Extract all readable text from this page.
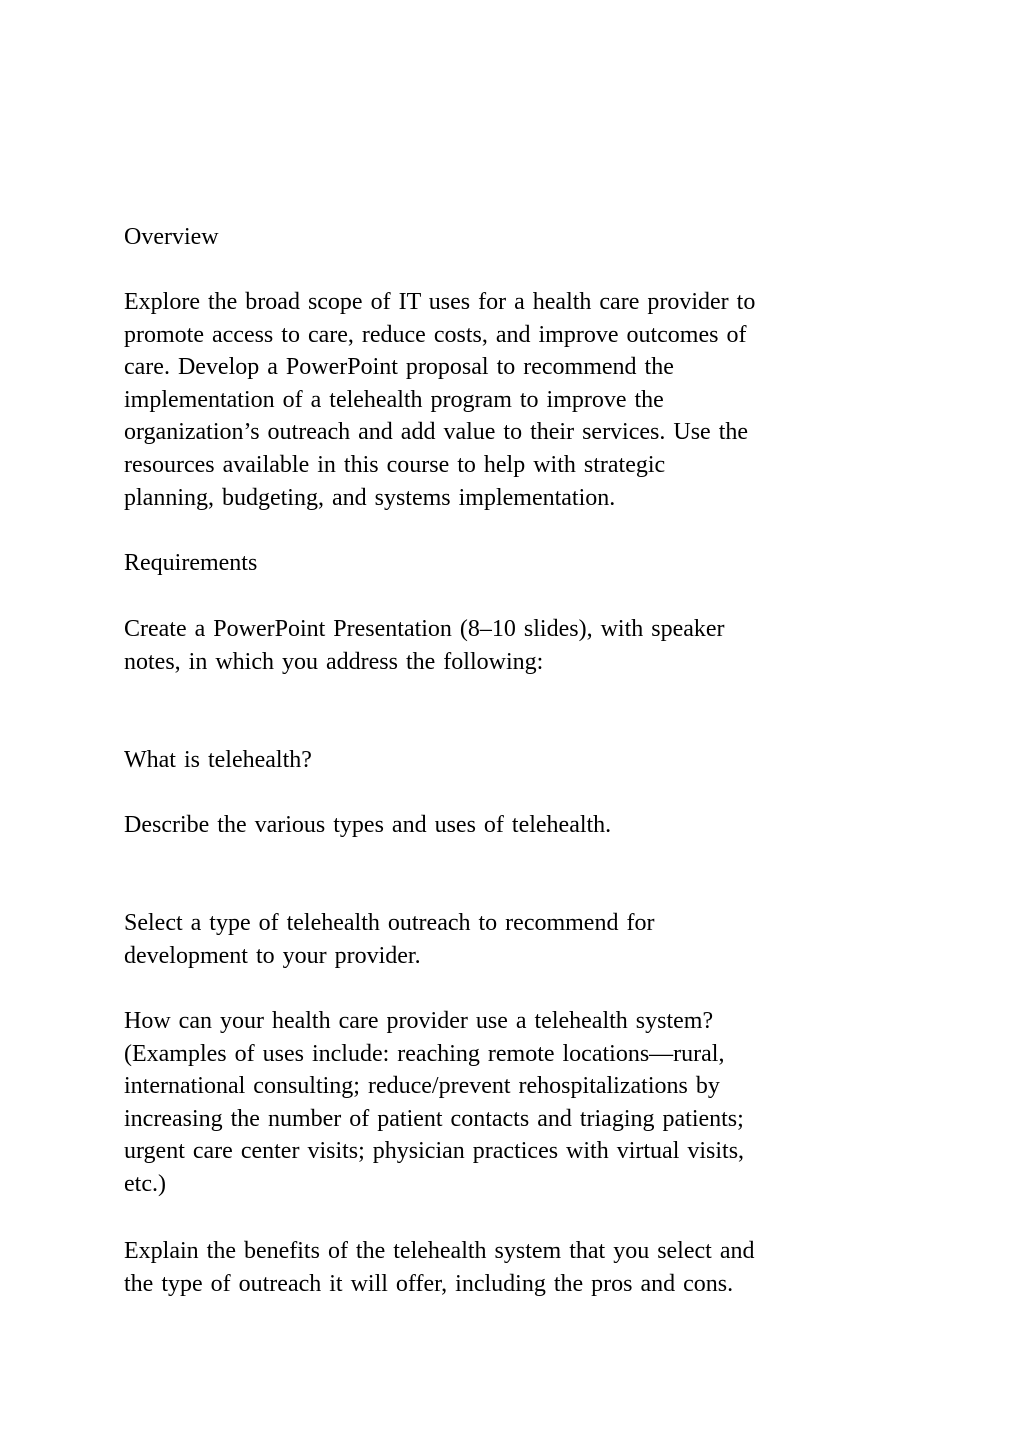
Overview

Explore the broad scope of IT uses for a health care provider to
promote access to care, reduce costs, and improve outcomes of
care. Develop a PowerPoint proposal to recommend the
implementation of a telehealth program to improve the
organization’s outreach and add value to their services. Use the
resources available in this course to help with strategic
planning, budgeting, and systems implementation.

Requirements

Create a PowerPoint Presentation (8–10 slides), with speaker
notes, in which you address the following:

What is telehealth?

Describe the various types and uses of telehealth.

Select a type of telehealth outreach to recommend for
development to your provider.

How can your health care provider use a telehealth system?
(Examples of uses include: reaching remote locations—rural,
international consulting; reduce/prevent rehospitalizations by
increasing the number of patient contacts and triaging patients;
urgent care center visits; physician practices with virtual visits,
etc.)

Explain the benefits of the telehealth system that you select and
the type of outreach it will offer, including the pros and cons.
